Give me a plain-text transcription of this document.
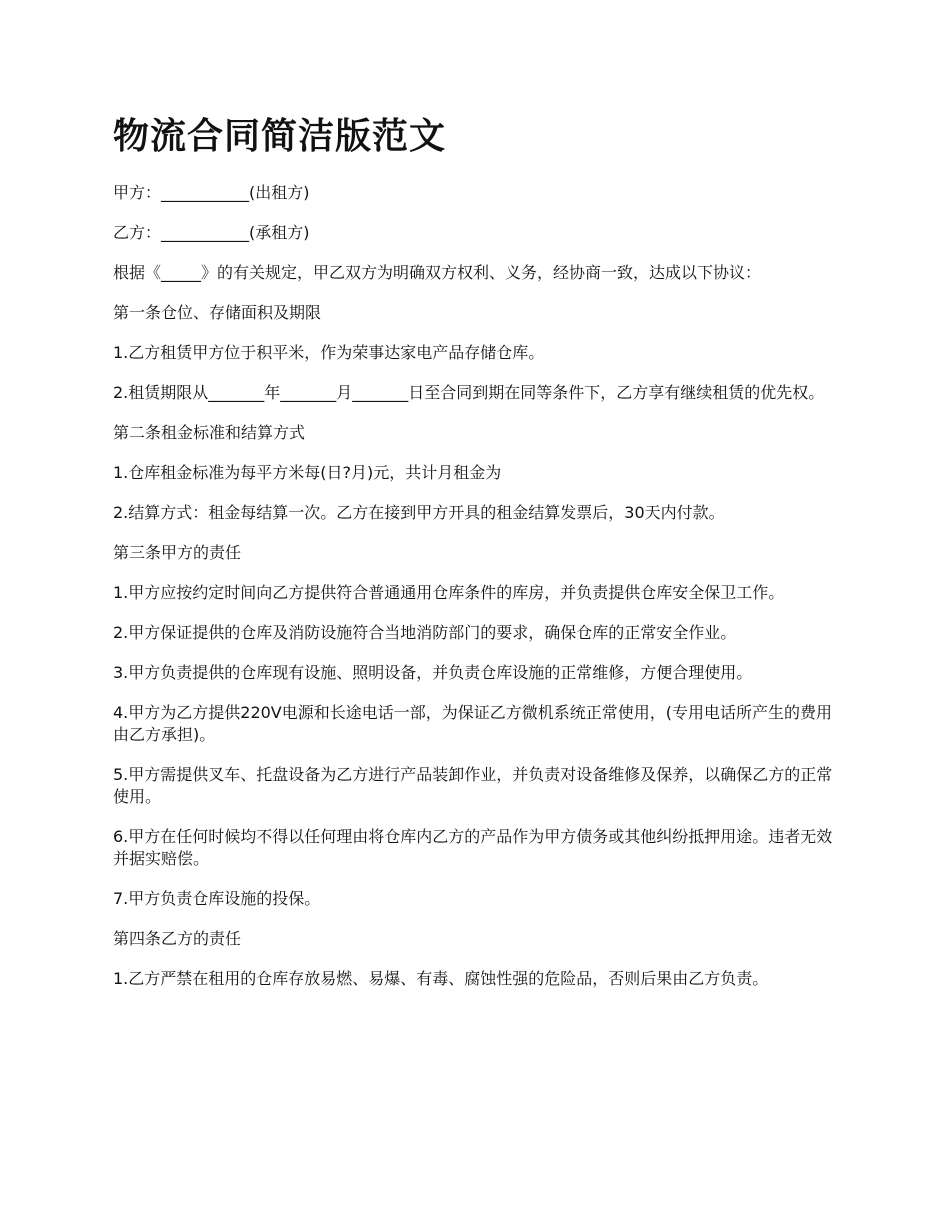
物流合同简洁版范文

甲方：___________(出租方)

乙方：___________(承租方)

根据《_____》的有关规定，甲乙双方为明确双方权利、义务，经协商一致，达成以下协议：

第一条仓位、存储面积及期限

1.乙方租赁甲方位于积平米，作为荣事达家电产品存储仓库。

2.租赁期限从_______年_______月_______日至合同到期在同等条件下，乙方享有继续租赁的优先权。

第二条租金标准和结算方式

1.仓库租金标准为每平方米每(日?月)元，共计月租金为

2.结算方式：租金每结算一次。乙方在接到甲方开具的租金结算发票后，30天内付款。

第三条甲方的责任

1.甲方应按约定时间向乙方提供符合普通通用仓库条件的库房，并负责提供仓库安全保卫工作。

2.甲方保证提供的仓库及消防设施符合当地消防部门的要求，确保仓库的正常安全作业。

3.甲方负责提供的仓库现有设施、照明设备，并负责仓库设施的正常维修，方便合理使用。

4.甲方为乙方提供220V电源和长途电话一部，为保证乙方微机系统正常使用，(专用电话所产生的费用由乙方承担)。

5.甲方需提供叉车、托盘设备为乙方进行产品装卸作业，并负责对设备维修及保养，以确保乙方的正常使用。

6.甲方在任何时候均不得以任何理由将仓库内乙方的产品作为甲方债务或其他纠纷抵押用途。违者无效并据实赔偿。

7.甲方负责仓库设施的投保。

第四条乙方的责任

1.乙方严禁在租用的仓库存放易燃、易爆、有毒、腐蚀性强的危险品，否则后果由乙方负责。
